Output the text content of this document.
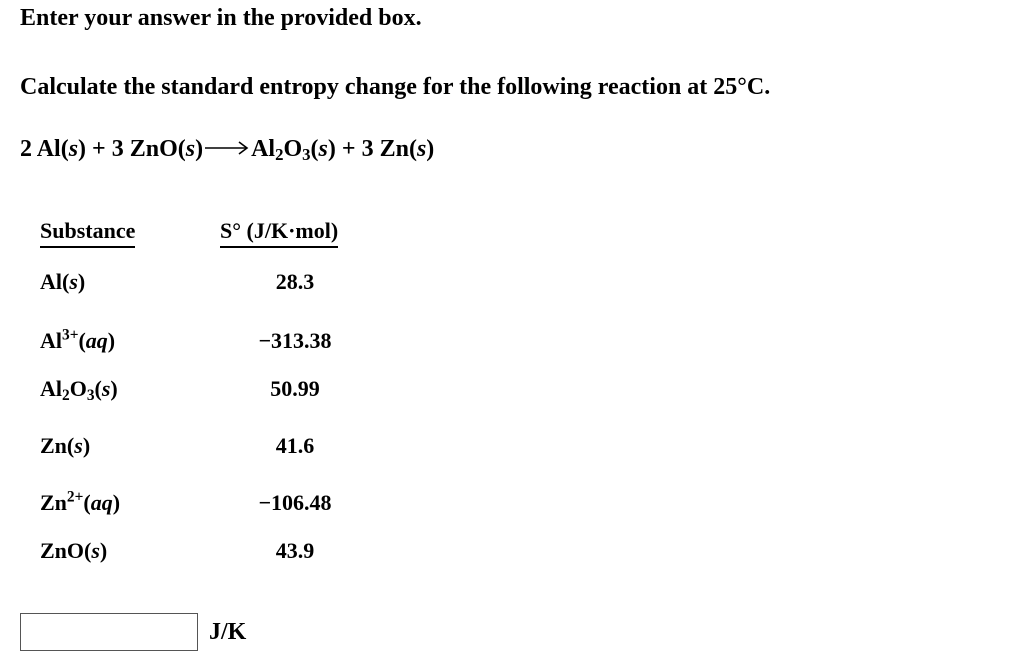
Enter your answer in the provided box.
Calculate the standard entropy change for the following reaction at 25°C.
2 Al(s) + 3 ZnO(s) $Al_2O_3(s) + 3$ Zn(s)
Substance	S° (J/K·mol)
Al(s)	28.3
$Al^{3+}(aq)$	−313.38
$Al_2O_3(s)$	50.99
Zn(s)	41.6
$Zn^{2+}(aq)$	−106.48
ZnO(s)	43.9
J/K
